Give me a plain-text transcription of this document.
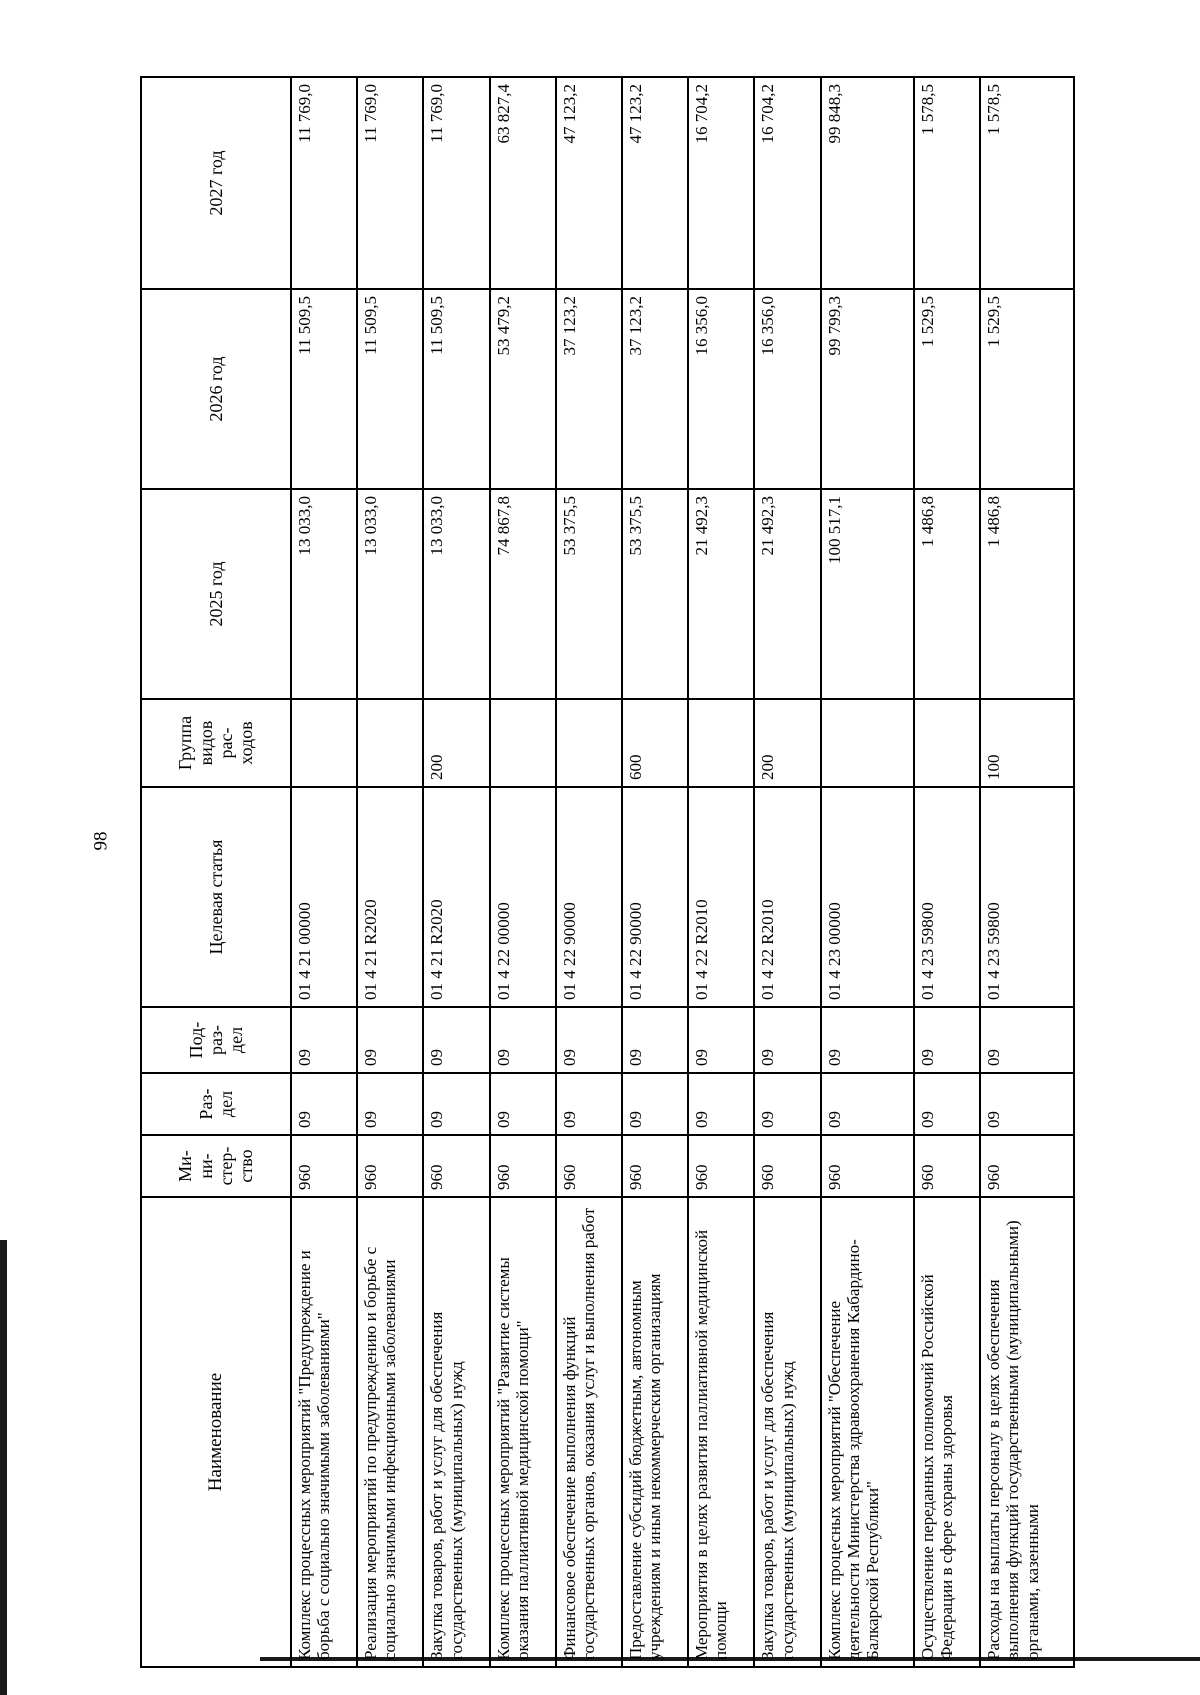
98
Наименование	Ми-
ни-
стер-
ство	Раз-
дел	Под-
раз-
дел	Целевая статья	Группа
видов
рас-
ходов	2025 год	2026 год	2027 год
Комплекс процессных мероприятий "Предупреждение и борьба с социально значимыми заболеваниями"	960	09	09	01 4 21 00000		13 033,0	11 509,5	11 769,0
Реализация мероприятий по предупреждению и борьбе с социально значимыми инфекционными заболеваниями	960	09	09	01 4 21 R2020		13 033,0	11 509,5	11 769,0
Закупка товаров, работ и услуг для обеспечения государственных (муниципальных) нужд	960	09	09	01 4 21 R2020	200	13 033,0	11 509,5	11 769,0
Комплекс процессных мероприятий "Развитие системы оказания паллиативной медицинской помощи"	960	09	09	01 4 22 00000		74 867,8	53 479,2	63 827,4
Финансовое обеспечение выполнения функций государственных органов, оказания услуг и выполнения работ	960	09	09	01 4 22 90000		53 375,5	37 123,2	47 123,2
Предоставление субсидий бюджетным, автономным учреждениям и иным некоммерческим организациям	960	09	09	01 4 22 90000	600	53 375,5	37 123,2	47 123,2
Мероприятия в целях развития паллиативной медицинской помощи	960	09	09	01 4 22 R2010		21 492,3	16 356,0	16 704,2
Закупка товаров, работ и услуг для обеспечения государственных (муниципальных) нужд	960	09	09	01 4 22 R2010	200	21 492,3	16 356,0	16 704,2
Комплекс процесных мероприятий "Обеспечение деятельности Министерства здравоохранения Кабардино-Балкарской Республики"	960	09	09	01 4 23 00000		100 517,1	99 799,3	99 848,3
Осуществление переданных полномочий Российской Федерации в сфере охраны здоровья	960	09	09	01 4 23 59800		1 486,8	1 529,5	1 578,5
Расходы на выплаты персоналу в целях обеспечения выполнения функций государственными (муниципальными) органами, казенными	960	09	09	01 4 23 59800	100	1 486,8	1 529,5	1 578,5
